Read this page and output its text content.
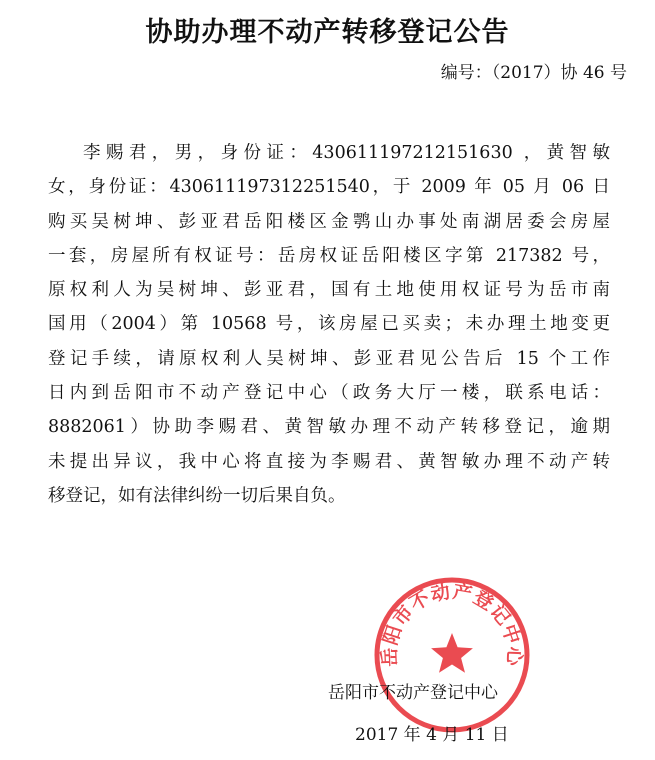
协助办理不动产转移登记公告

编号：（2017）协 46 号

李赐君，男，身份证：430611197212151630 ，黄智敏
女，身份证：430611197312251540，于 2009 年 05 月 06 日
购买吴树坤、彭亚君岳阳楼区金鹗山办事处南湖居委会房屋
一套，房屋所有权证号：岳房权证岳阳楼区字第 217382 号，
原权利人为吴树坤、彭亚君，国有土地使用权证号为岳市南
国用（2004）第 10568 号，该房屋已买卖；未办理土地变更
登记手续，请原权利人吴树坤、彭亚君见公告后 15 个工作
日内到岳阳市不动产登记中心（政务大厅一楼，联系电话：
8882061）协助李赐君、黄智敏办理不动产转移登记，逾期
未提出异议，我中心将直接为李赐君、黄智敏办理不动产转
移登记，如有法律纠纷一切后果自负。
岳阳市不动产登记中心

岳阳市不动产登记中心

2017 年 4 月 11 日
